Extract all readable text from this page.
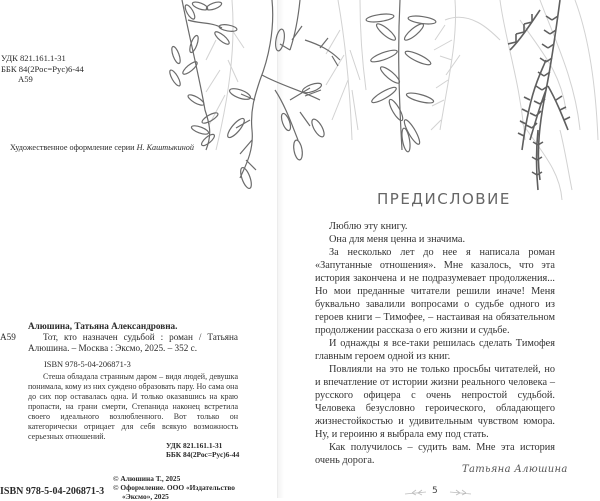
УДК 821.161.1-31
ББК 84(2Рос=Рус)6-44
А59
Художественное оформление серии Н. Каштыкиной
А59
Алюшина, Татьяна Александровна.
Тот, кто назначен судьбой : роман / Татьяна Алюшина. – Москва : Эксмо, 2025. – 352 с.
ISBN 978-5-04-206871-3

Стеша обладала странным даром – видя людей, девушка понимала, кому из них суждено образовать пару. Но сама она до сих пор оставалась одна. И только оказавшись на краю пропасти, на грани смерти, Степанида наконец встретила своего идеального возлюбленного. Вот только он категорически отрицает для себя всякую возможность серьезных отношений.

УДК 821.161.1-31
ББК 84(2Рос=Рус)6-44
© Алюшина Т., 2025
© Оформление. ООО «Издательство
«Эксмо», 2025
ISBN 978-5-04-206871-3
ПРЕДИСЛОВИЕ

Люблю эту книгу.

Она для меня ценна и значима.

За несколько лет до нее я написала роман «Запутанные отношения». Мне казалось, что эта история закончена и не подразумевает продолжения... Но мои преданные читатели решили иначе! Меня буквально завалили вопросами о судьбе одного из героев книги – Тимофее, – настаивая на обязательном продолжении рассказа о его жизни и судьбе.

И однажды я все-таки решилась сделать Тимофея главным героем одной из книг.

Повлияли на это не только просьбы читателей, но и впечатление от истории жизни реального человека – русского офицера с очень непростой судьбой. Человека безусловно героического, обладающего жизнестойкостью и удивительным чувством юмора. Ну, и героиню я выбрала ему под стать.

Как получилось – судить вам. Мне эта история очень дорога.

Татьяна Алюшина
5
